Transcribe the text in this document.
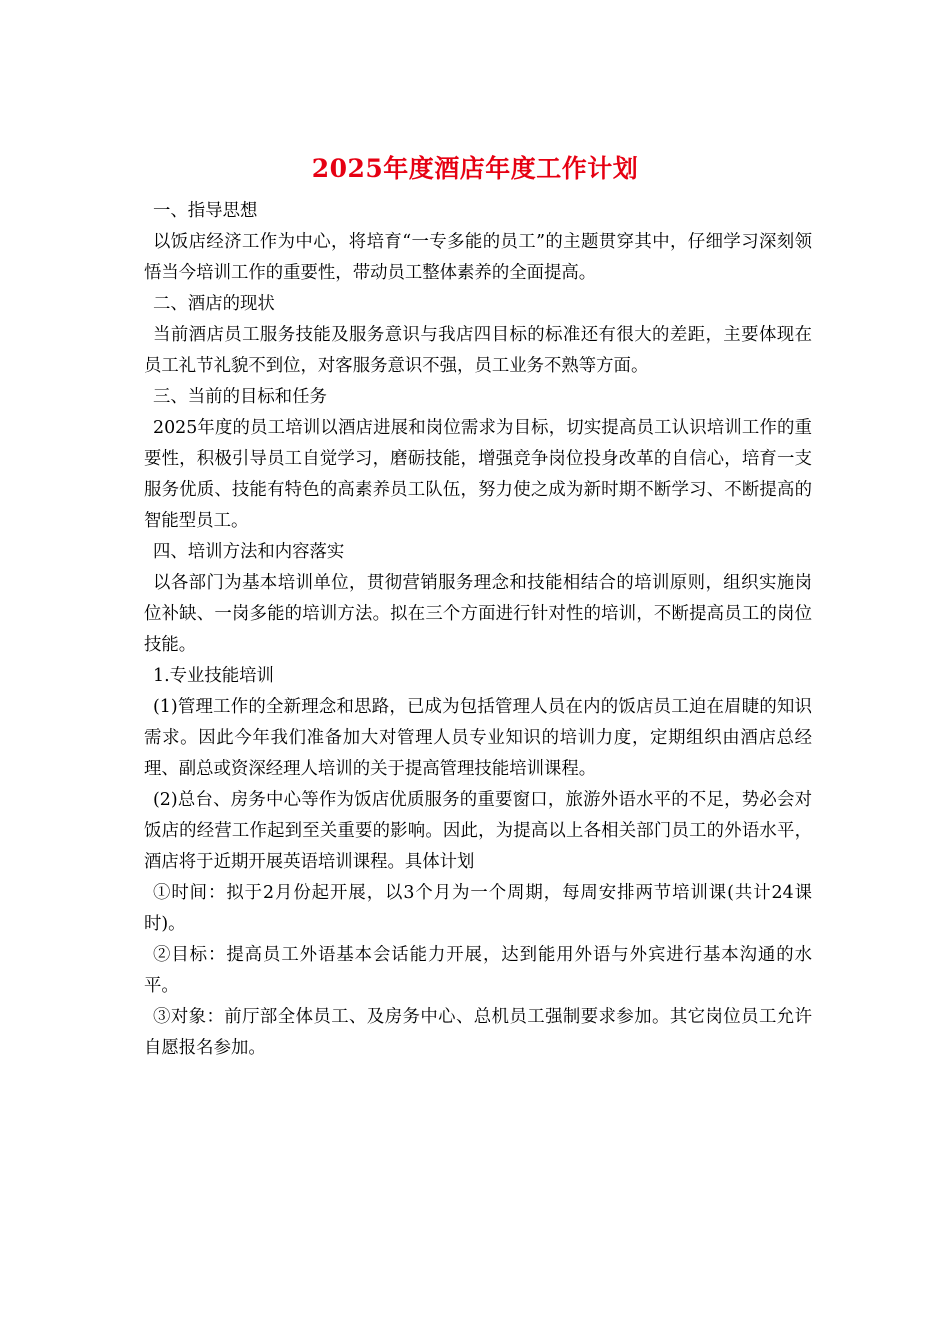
2025年度酒店年度工作计划

一、指导思想

以饭店经济工作为中心，将培育“一专多能的员工”的主题贯穿其中，仔细学习深刻领悟当今培训工作的重要性，带动员工整体素养的全面提高。

二、酒店的现状

当前酒店员工服务技能及服务意识与我店四目标的标准还有很大的差距，主要体现在员工礼节礼貌不到位，对客服务意识不强，员工业务不熟等方面。

三、当前的目标和任务

2025年度的员工培训以酒店进展和岗位需求为目标，切实提高员工认识培训工作的重要性，积极引导员工自觉学习，磨砺技能，增强竞争岗位投身改革的自信心，培育一支服务优质、技能有特色的高素养员工队伍，努力使之成为新时期不断学习、不断提高的智能型员工。

四、培训方法和内容落实

以各部门为基本培训单位，贯彻营销服务理念和技能相结合的培训原则，组织实施岗位补缺、一岗多能的培训方法。拟在三个方面进行针对性的培训，不断提高员工的岗位技能。

1.专业技能培训

(1)管理工作的全新理念和思路，已成为包括管理人员在内的饭店员工迫在眉睫的知识需求。因此今年我们准备加大对管理人员专业知识的培训力度，定期组织由酒店总经理、副总或资深经理人培训的关于提高管理技能培训课程。

(2)总台、房务中心等作为饭店优质服务的重要窗口，旅游外语水平的不足，势必会对饭店的经营工作起到至关重要的影响。因此，为提高以上各相关部门员工的外语水平，酒店将于近期开展英语培训课程。具体计划

①时间：拟于2月份起开展，以3个月为一个周期，每周安排两节培训课(共计24课时)。

②目标：提高员工外语基本会话能力开展，达到能用外语与外宾进行基本沟通的水平。

③对象：前厅部全体员工、及房务中心、总机员工强制要求参加。其它岗位员工允许自愿报名参加。
